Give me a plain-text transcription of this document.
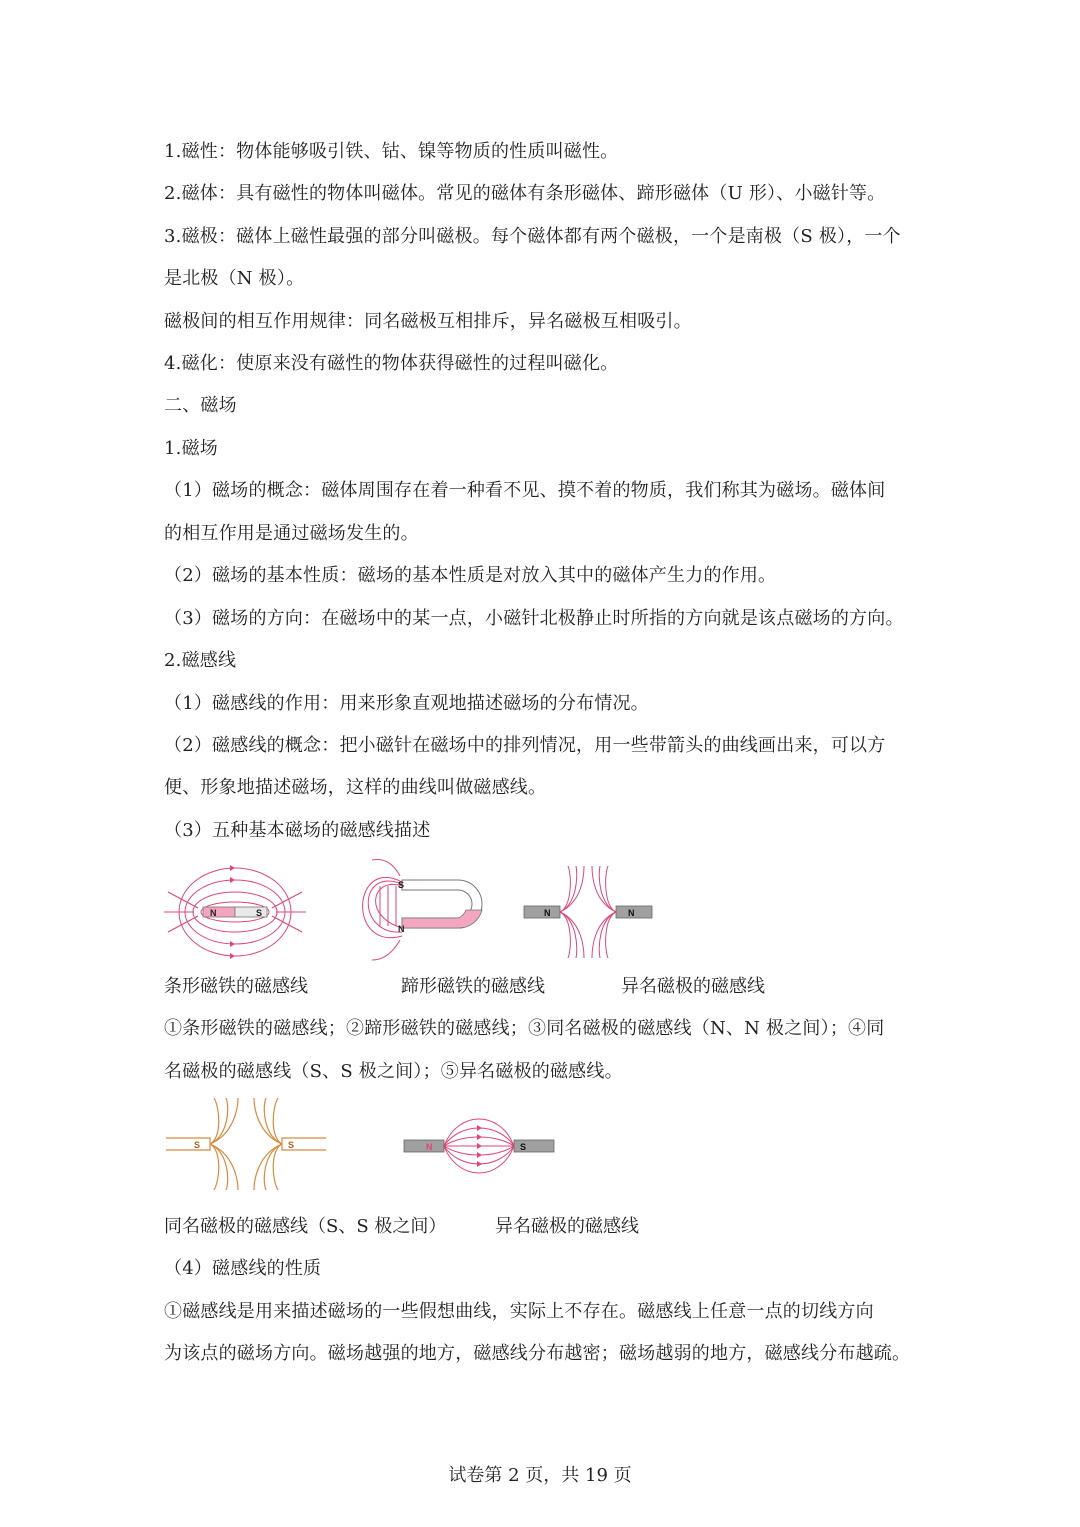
1.磁性：物体能够吸引铁、钴、镍等物质的性质叫磁性。
2.磁体：具有磁性的物体叫磁体。常见的磁体有条形磁体、蹄形磁体（U 形）、小磁针等。
3.磁极：磁体上磁性最强的部分叫磁极。每个磁体都有两个磁极，一个是南极（S 极），一个
是北极（N 极）。
磁极间的相互作用规律：同名磁极互相排斥，异名磁极互相吸引。
4.磁化：使原来没有磁性的物体获得磁性的过程叫磁化。
二、磁场
1.磁场
（1）磁场的概念：磁体周围存在着一种看不见、摸不着的物质，我们称其为磁场。磁体间
的相互作用是通过磁场发生的。
（2）磁场的基本性质：磁场的基本性质是对放入其中的磁体产生力的作用。
（3）磁场的方向：在磁场中的某一点，小磁针北极静止时所指的方向就是该点磁场的方向。
2.磁感线
（1）磁感线的作用：用来形象直观地描述磁场的分布情况。
（2）磁感线的概念：把小磁针在磁场中的排列情况，用一些带箭头的曲线画出来，可以方
便、形象地描述磁场，这样的曲线叫做磁感线。
（3）五种基本磁场的磁感线描述
N	S
S
N
N	N
条形磁铁的磁感线	蹄形磁铁的磁感线	异名磁极的磁感线
①条形磁铁的磁感线；②蹄形磁铁的磁感线；③同名磁极的磁感线（N、N 极之间）；④同
名磁极的磁感线（S、S 极之间）；⑤异名磁极的磁感线。
S	S	N	S
同名磁极的磁感线（S、S 极之间）	异名磁极的磁感线
（4）磁感线的性质
①磁感线是用来描述磁场的一些假想曲线，实际上不存在。磁感线上任意一点的切线方向
为该点的磁场方向。磁场越强的地方，磁感线分布越密；磁场越弱的地方，磁感线分布越疏。
试卷第 2 页，共 19 页
